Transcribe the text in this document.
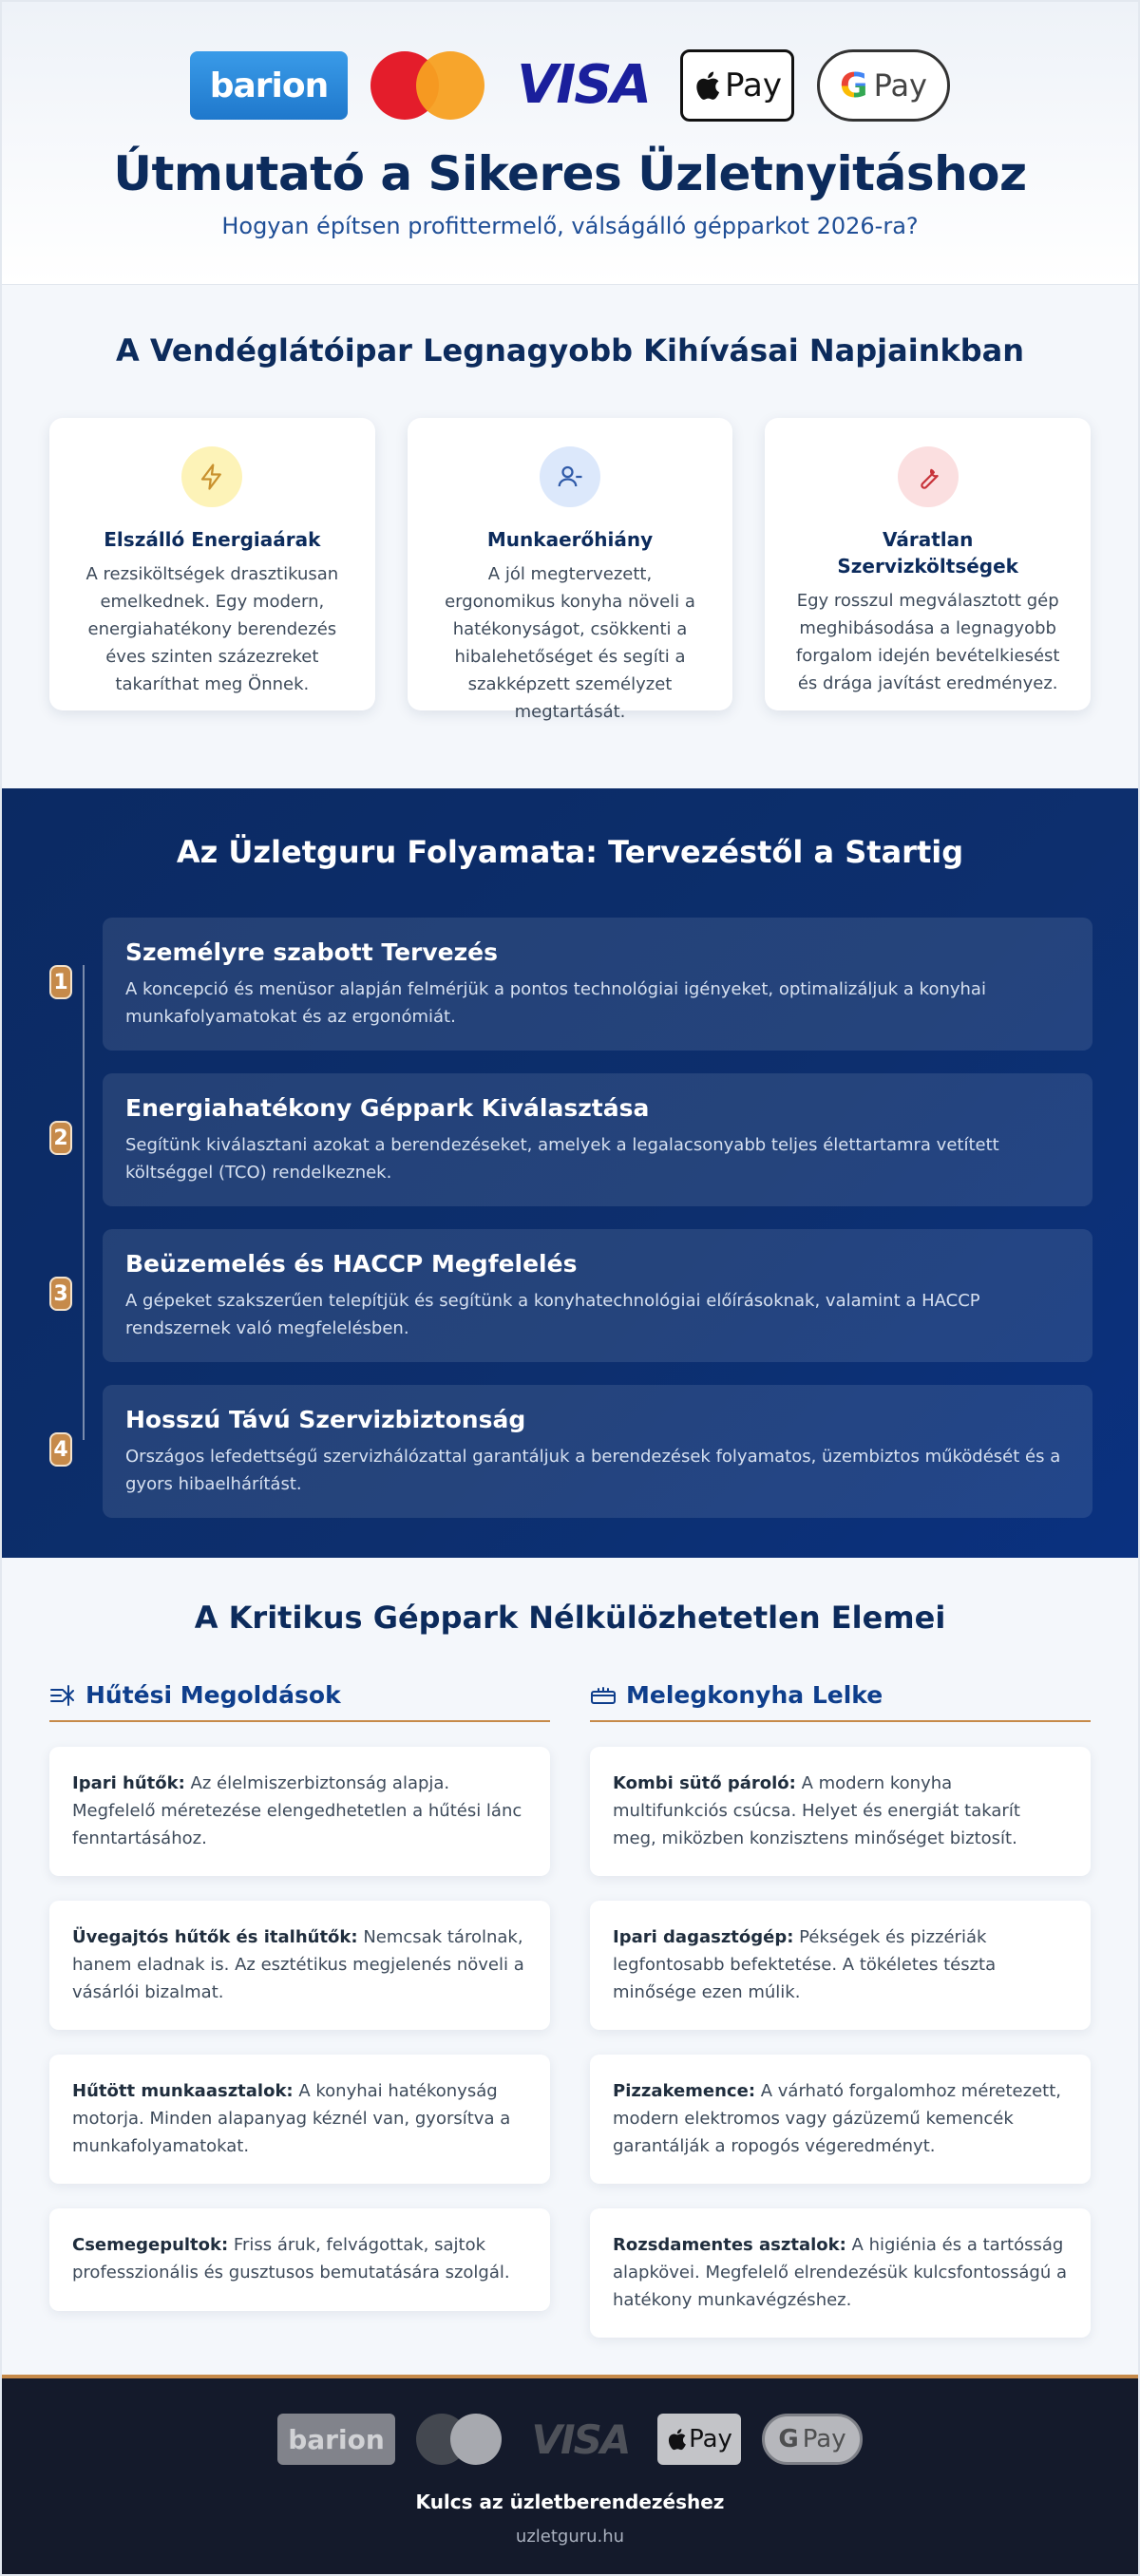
barion	VISA Pay G Pay
Útmutató a Sikeres Üzletnyitáshoz

Hogyan építsen profittermelő, válságálló gépparkot 2026-ra?

A Vendéglátóipar Legnagyobb Kihívásai Napjainkban
Elszálló Energiaárak

A rezsiköltségek drasztikusan emelkednek. Egy modern, energiahatékony berendezés éves szinten százezreket takaríthat meg Önnek.

Munkaerőhiány

A jól megtervezett, ergonomikus konyha növeli a hatékonyságot, csökkenti a hibalehetőséget és segíti a szakképzett személyzet megtartását.

Váratlan Szervizköltségek

Egy rosszul megválasztott gép meghibásodása a legnagyobb forgalom idején bevételkiesést és drága javítást eredményez.

Az Üzletguru Folyamata: Tervezéstől a Startig
1
Személyre szabott Tervezés

A koncepció és menüsor alapján felmérjük a pontos technológiai igényeket, optimalizáljuk a konyhai munkafolyamatokat és az ergonómiát.

2
Energiahatékony Géppark Kiválasztása

Segítünk kiválasztani azokat a berendezéseket, amelyek a legalacsonyabb teljes élettartamra vetített költséggel (TCO) rendelkeznek.

3
Beüzemelés és HACCP Megfelelés

A gépeket szakszerűen telepítjük és segítünk a konyhatechnológiai előírásoknak, valamint a HACCP rendszernek való megfelelésben.

4
Hosszú Távú Szervizbiztonság

Országos lefedettségű szervizhálózattal garantáljuk a berendezések folyamatos, üzembiztos működését és a gyors hibaelhárítást.

A Kritikus Géppark Nélkülözhetetlen Elemei
Hűtési Megoldások
Ipari hűtők: Az élelmiszerbiztonság alapja. Megfelelő méretezése elengedhetetlen a hűtési lánc fenntartásához.
Üvegajtós hűtők és italhűtők: Nemcsak tárolnak, hanem eladnak is. Az esztétikus megjelenés növeli a vásárlói bizalmat.
Hűtött munkaasztalok: A konyhai hatékonyság motorja. Minden alapanyag kéznél van, gyorsítva a munkafolyamatokat.
Csemegepultok: Friss áruk, felvágottak, sajtok professzionális és gusztusos bemutatására szolgál.
Melegkonyha Lelke
Kombi sütő pároló: A modern konyha multifunkciós csúcsa. Helyet és energiát takarít meg, miközben konzisztens minőséget biztosít.
Ipari dagasztógép: Pékségek és pizzériák legfontosabb befektetése. A tökéletes tészta minősége ezen múlik.
Pizzakemence: A várható forgalomhoz méretezett, modern elektromos vagy gázüzemű kemencék garantálják a ropogós végeredményt.
Rozsdamentes asztalok: A higiénia és a tartósság alapkövei. Megfelelő elrendezésük kulcsfontosságú a hatékony munkavégzéshez.
barion	VISA Pay G Pay

Kulcs az üzletberendezéshez

uzletguru.hu
